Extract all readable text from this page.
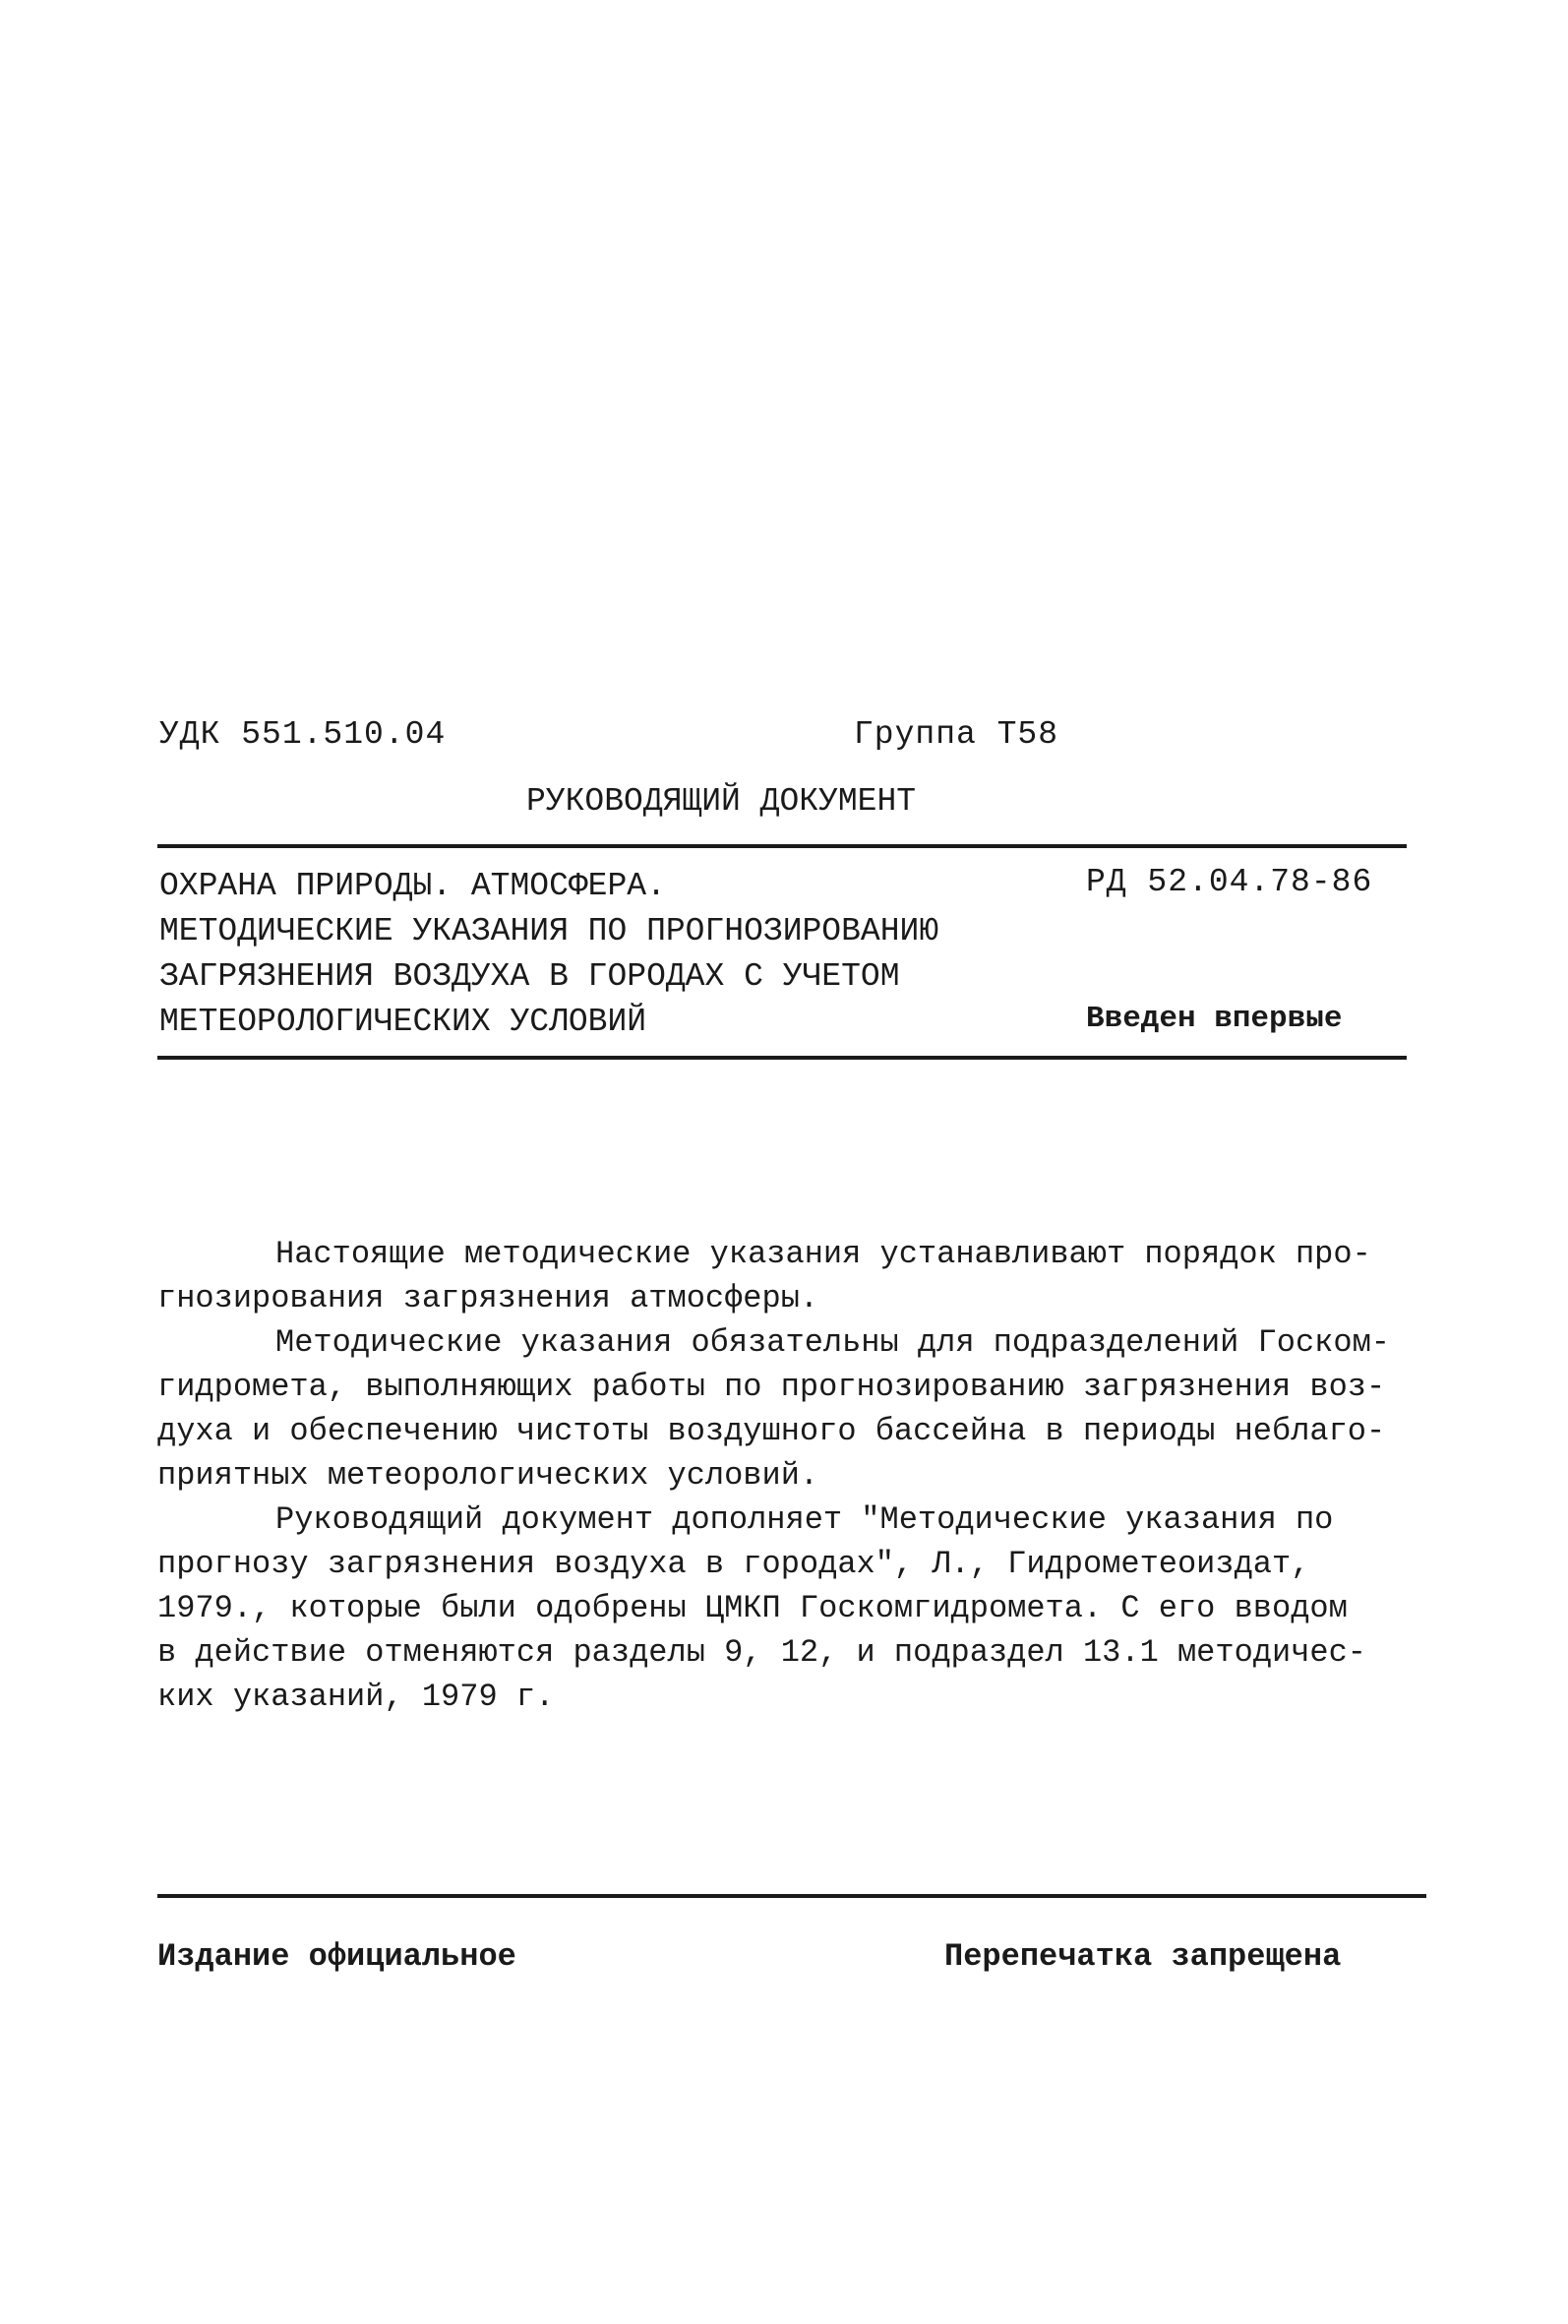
УДК 551.510.04	Группа Т58
РУКОВОДЯЩИЙ ДОКУМЕНТ
ОХРАНА ПРИРОДЫ. АТМОСФЕРА.
МЕТОДИЧЕСКИЕ УКАЗАНИЯ ПО ПРОГНОЗИРОВАНИЮ
ЗАГРЯЗНЕНИЯ ВОЗДУХА В ГОРОДАХ С УЧЕТОМ
МЕТЕОРОЛОГИЧЕСКИХ УСЛОВИЙ
РД 52.04.78-86
Введен впервые

Настоящие методические указания устанавливают порядок про-
гнозирования загрязнения атмосферы.

Методические указания обязательны для подразделений Госком-
гидромета, выполняющих работы по прогнозированию загрязнения воз-
духа и обеспечению чистоты воздушного бассейна в периоды неблаго-
приятных метеорологических условий.

Руководящий документ дополняет "Методические указания по
прогнозу загрязнения воздуха в городах", Л., Гидрометеоиздат,
1979., которые были одобрены ЦМКП Госкомгидромета. С его вводом
в действие отменяются разделы 9, 12, и подраздел 13.1 методичес-
ких указаний, 1979 г.

Издание официальное	Перепечатка запрещена
